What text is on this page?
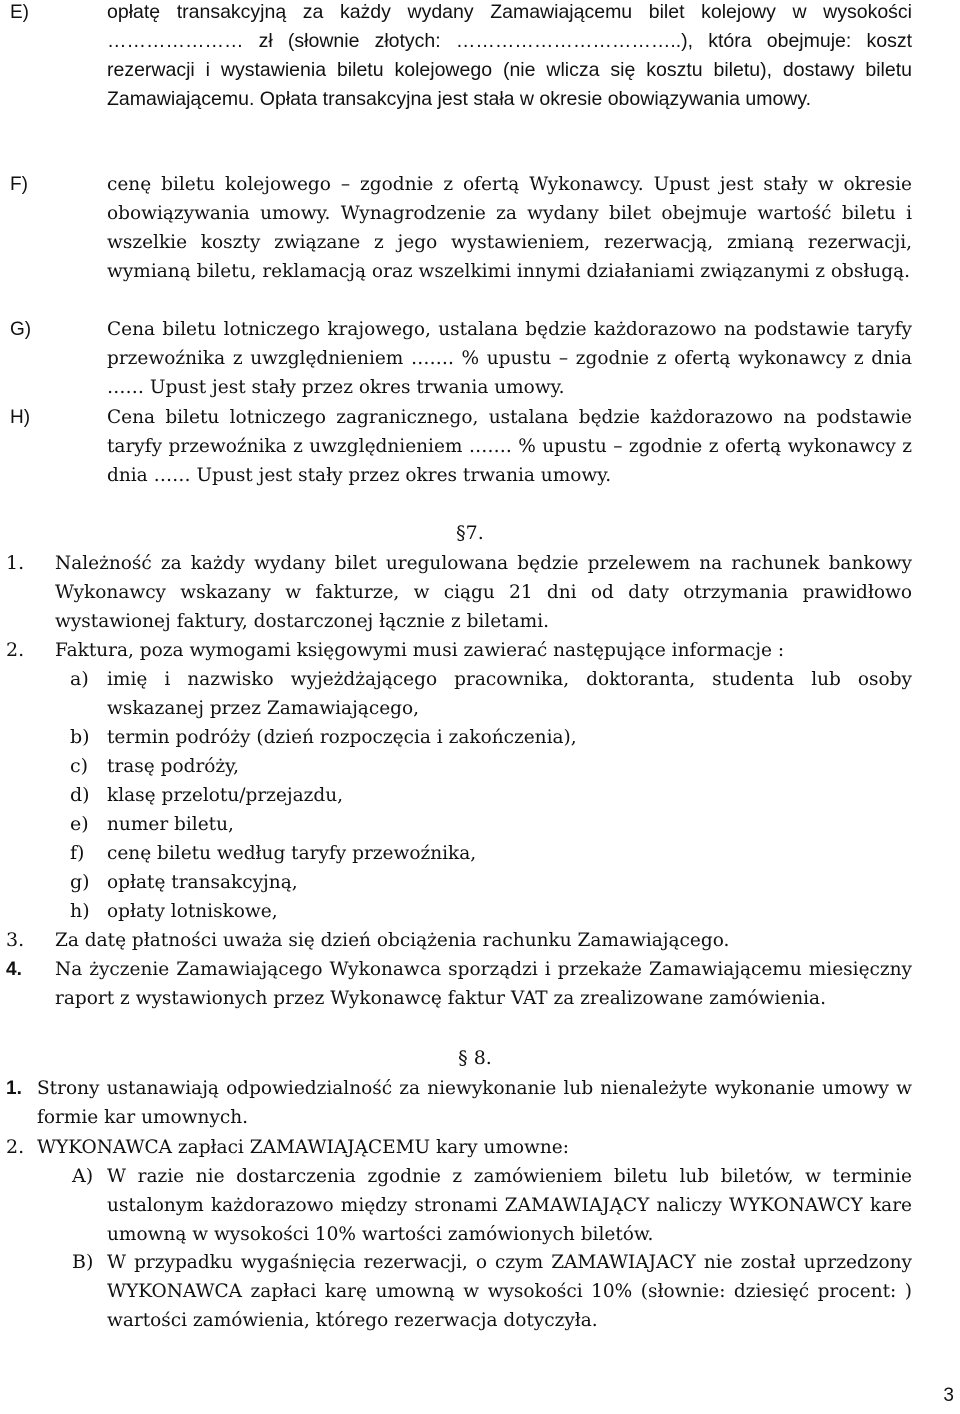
E)	opłatę transakcyjną za każdy wydany Zamawiającemu bilet kolejowy w wysokości ………………… zł (słownie złotych: ……………………………..), która obejmuje: koszt rezerwacji i wystawienia biletu kolejowego (nie wlicza się kosztu biletu), dostawy biletu Zamawiającemu. Opłata transakcyjna jest stała w okresie obowiązywania umowy.
F)	cenę biletu kolejowego – zgodnie z ofertą Wykonawcy. Upust jest stały w okresie obowiązywania umowy. Wynagrodzenie za wydany bilet obejmuje wartość biletu i wszelkie koszty związane z jego wystawieniem, rezerwacją, zmianą rezerwacji, wymianą biletu, reklamacją oraz wszelkimi innymi działaniami związanymi z obsługą.
G)	Cena biletu lotniczego krajowego, ustalana będzie każdorazowo na podstawie taryfy przewoźnika z uwzględnieniem ……. % upustu – zgodnie z ofertą wykonawcy z dnia …… Upust jest stały przez okres trwania umowy.
H)	Cena biletu lotniczego zagranicznego, ustalana będzie każdorazowo na podstawie taryfy przewoźnika z uwzględnieniem ……. % upustu – zgodnie z ofertą wykonawcy z dnia …… Upust jest stały przez okres trwania umowy.
§7.
1. Należność za każdy wydany bilet uregulowana będzie przelewem na rachunek bankowy Wykonawcy wskazany w fakturze, w ciągu 21 dni od daty otrzymania prawidłowo wystawionej faktury, dostarczonej łącznie z biletami.
2. Faktura, poza wymogami księgowymi musi zawierać następujące informacje :
a) imię i nazwisko wyjeżdżającego pracownika, doktoranta, studenta lub osoby wskazanej przez Zamawiającego,
b) termin podróży (dzień rozpoczęcia i zakończenia),
c) trasę podróży,
d) klasę przelotu/przejazdu,
e) numer biletu,
f) cenę biletu według taryfy przewoźnika,
g) opłatę transakcyjną,
h) opłaty lotniskowe,
3. Za datę płatności uważa się dzień obciążenia rachunku Zamawiającego.
4. Na życzenie Zamawiającego Wykonawca sporządzi i przekaże Zamawiającemu miesięczny raport z wystawionych przez Wykonawcę faktur VAT za zrealizowane zamówienia.
§ 8.
1. Strony ustanawiają odpowiedzialność za niewykonanie lub nienależyte wykonanie umowy w formie kar umownych.
2. WYKONAWCA zapłaci ZAMAWIAJĄCEMU kary umowne:
A) W razie nie dostarczenia zgodnie z zamówieniem biletu lub biletów, w terminie ustalonym każdorazowo między stronami ZAMAWIAJĄCY naliczy WYKONAWCY kare umowną w wysokości 10% wartości zamówionych biletów.
B) W przypadku wygaśnięcia rezerwacji, o czym ZAMAWIAJACY nie został uprzedzony WYKONAWCA zapłaci karę umowną w wysokości 10% (słownie: dziesięć procent: ) wartości zamówienia, którego rezerwacja dotyczyła.
3
